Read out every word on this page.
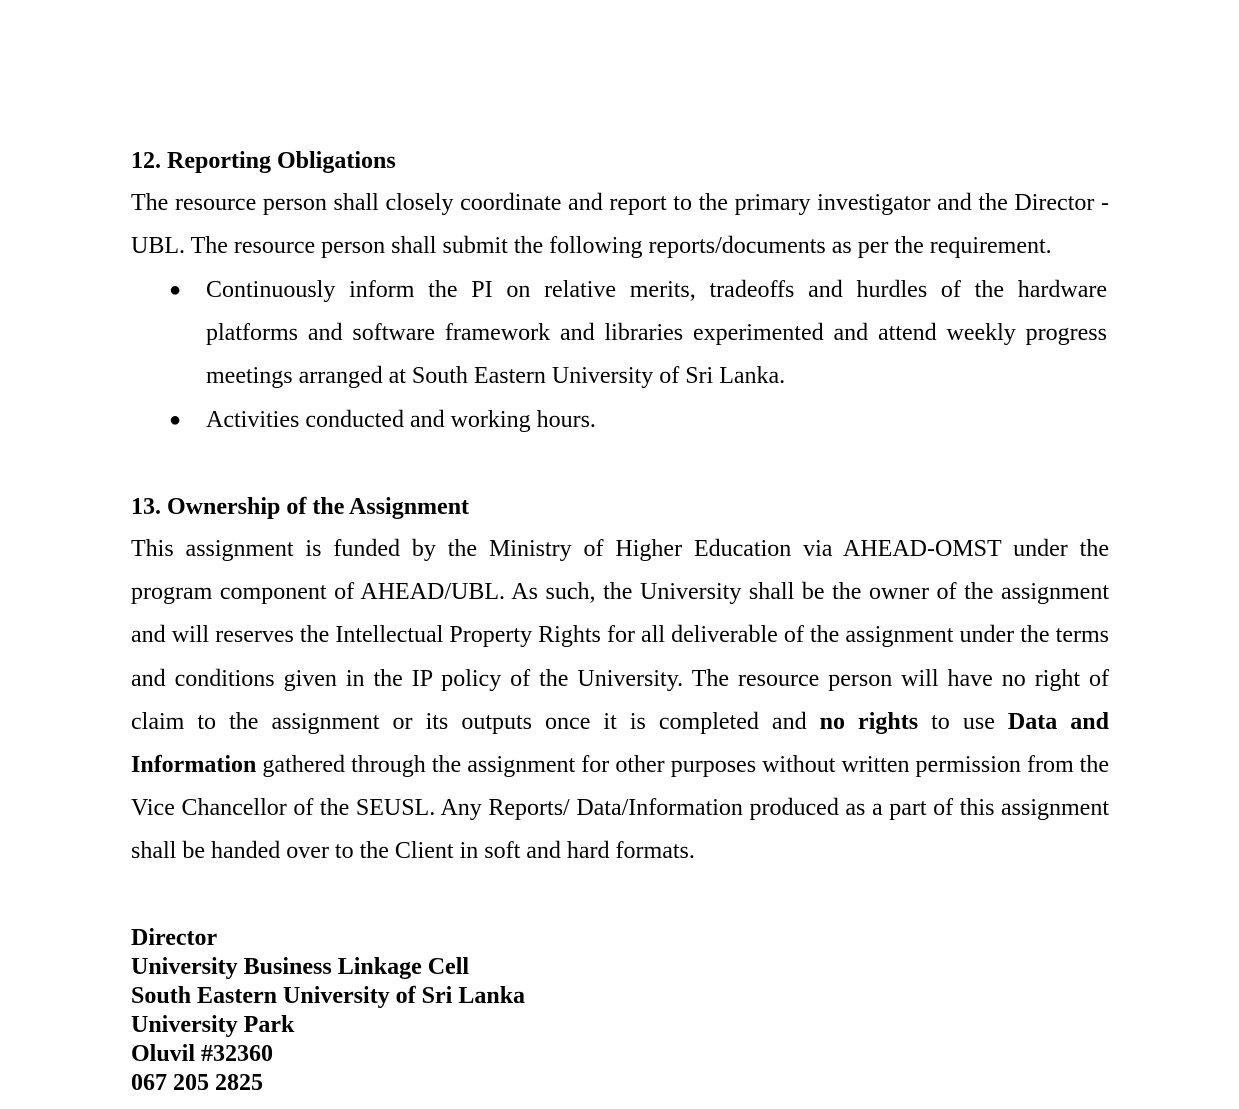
12. Reporting Obligations
The resource person shall closely coordinate and report to the primary investigator and the Director - UBL. The resource person shall submit the following reports/documents as per the requirement.
● Continuously inform the PI on relative merits, tradeoffs and hurdles of the hardware platforms and software framework and libraries experimented and attend weekly progress meetings arranged at South Eastern University of Sri Lanka.
● Activities conducted and working hours.
13. Ownership of the Assignment
This assignment is funded by the Ministry of Higher Education via AHEAD-OMST under the program component of AHEAD/UBL. As such, the University shall be the owner of the assignment and will reserves the Intellectual Property Rights for all deliverable of the assignment under the terms and conditions given in the IP policy of the University. The resource person will have no right of claim to the assignment or its outputs once it is completed and no rights to use Data and Information gathered through the assignment for other purposes without written permission from the Vice Chancellor of the SEUSL. Any Reports/ Data/Information produced as a part of this assignment shall be handed over to the Client in soft and hard formats.
Director
University Business Linkage Cell
South Eastern University of Sri Lanka
University Park
Oluvil #32360
067 205 2825
